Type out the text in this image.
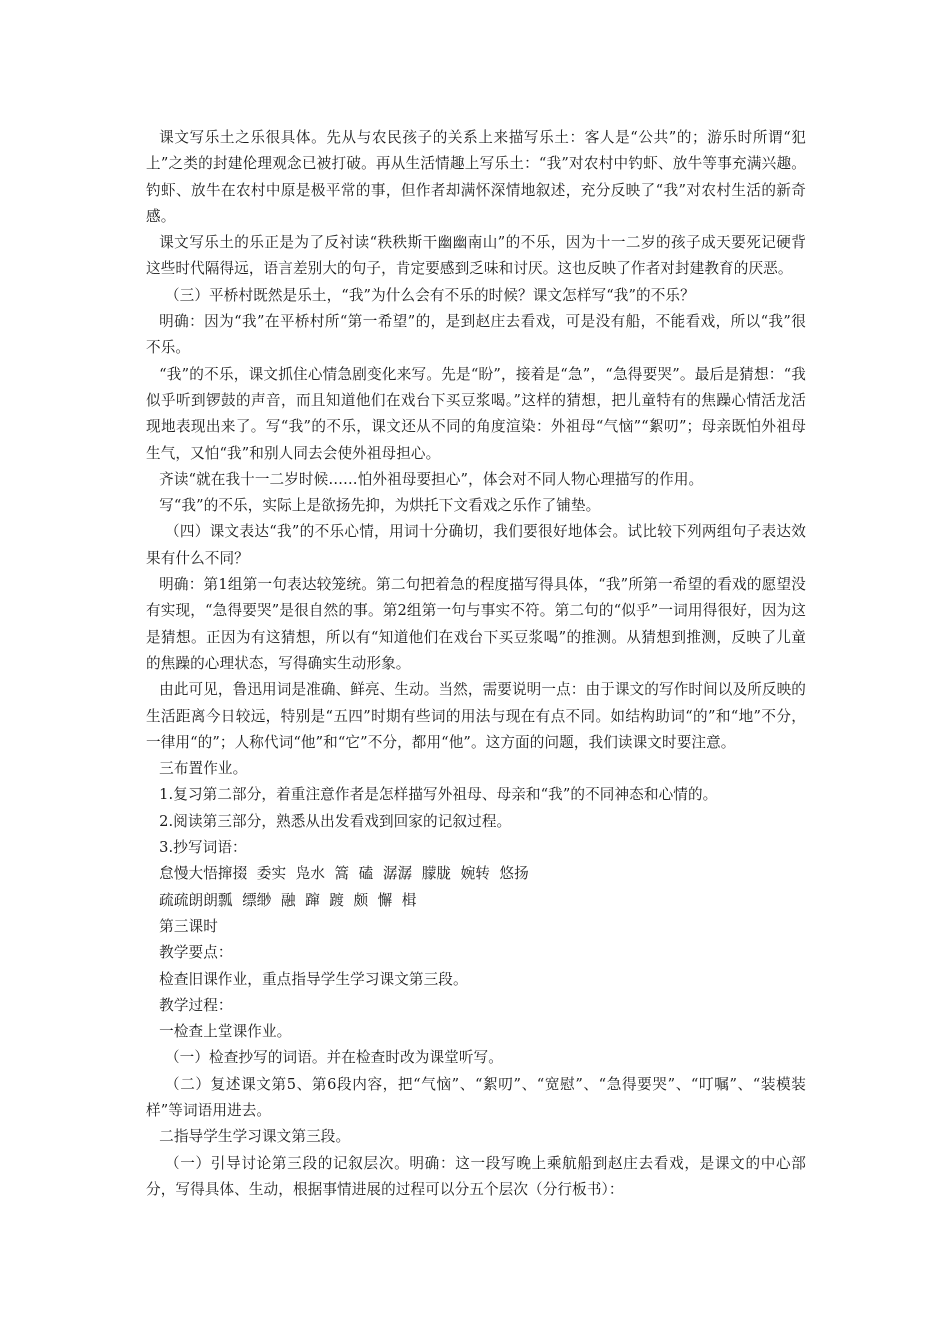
课文写乐土之乐很具体。先从与农民孩子的关系上来描写乐土：客人是“公共”的；游乐时所谓“犯上”之类的封建伦理观念已被打破。再从生活情趣上写乐土：“我”对农村中钓虾、放牛等事充满兴趣。钓虾、放牛在农村中原是极平常的事，但作者却满怀深情地叙述，充分反映了“我”对农村生活的新奇感。

课文写乐土的乐正是为了反衬读“秩秩斯干幽幽南山”的不乐，因为十一二岁的孩子成天要死记硬背这些时代隔得远，语言差别大的句子，肯定要感到乏味和讨厌。这也反映了作者对封建教育的厌恶。

（三）平桥村既然是乐土，“我”为什么会有不乐的时候？课文怎样写“我”的不乐？

明确：因为“我”在平桥村所“第一希望”的，是到赵庄去看戏，可是没有船，不能看戏，所以“我”很不乐。

“我”的不乐，课文抓住心情急剧变化来写。先是“盼”，接着是“急”，“急得要哭”。最后是猜想：“我似乎听到锣鼓的声音，而且知道他们在戏台下买豆浆喝。”这样的猜想，把儿童特有的焦躁心情活龙活现地表现出来了。写“我”的不乐，课文还从不同的角度渲染：外祖母“气恼”“絮叨”；母亲既怕外祖母生气，又怕“我”和别人同去会使外祖母担心。

齐读“就在我十一二岁时候……怕外祖母要担心”，体会对不同人物心理描写的作用。

写“我”的不乐，实际上是欲扬先抑，为烘托下文看戏之乐作了铺垫。

（四）课文表达“我”的不乐心情，用词十分确切，我们要很好地体会。试比较下列两组句子表达效果有什么不同？

明确：第1组第一句表达较笼统。第二句把着急的程度描写得具体，“我”所第一希望的看戏的愿望没有实现，“急得要哭”是很自然的事。第2组第一句与事实不符。第二句的“似乎”一词用得很好，因为这是猜想。正因为有这猜想，所以有“知道他们在戏台下买豆浆喝”的推测。从猜想到推测，反映了儿童的焦躁的心理状态，写得确实生动形象。

由此可见，鲁迅用词是准确、鲜亮、生动。当然，需要说明一点：由于课文的写作时间以及所反映的生活距离今日较远，特别是“五四”时期有些词的用法与现在有点不同。如结构助词“的”和“地”不分，一律用“的”；人称代词“他”和“它”不分，都用“他”。这方面的问题，我们读课文时要注意。

三布置作业。

1.复习第二部分，着重注意作者是怎样描写外祖母、母亲和“我”的不同神态和心情的。

2.阅读第三部分，熟悉从出发看戏到回家的记叙过程。

3.抄写词语：

怠慢大悟撺掇  委实  凫水  篙  磕  潺潺  朦胧  婉转  悠扬

疏疏朗朗瓢  缥缈  融  蹿  踱  颇  懈  楫

第三课时

教学要点：

检查旧课作业，重点指导学生学习课文第三段。

教学过程：

一检查上堂课作业。

（一）检查抄写的词语。并在检查时改为课堂听写。

（二）复述课文第5、第6段内容，把“气恼”、“絮叨”、“宽慰”、“急得要哭”、“叮嘱”、“装模装样”等词语用进去。

二指导学生学习课文第三段。

（一）引导讨论第三段的记叙层次。明确：这一段写晚上乘航船到赵庄去看戏，是课文的中心部分，写得具体、生动，根据事情进展的过程可以分五个层次（分行板书）：
